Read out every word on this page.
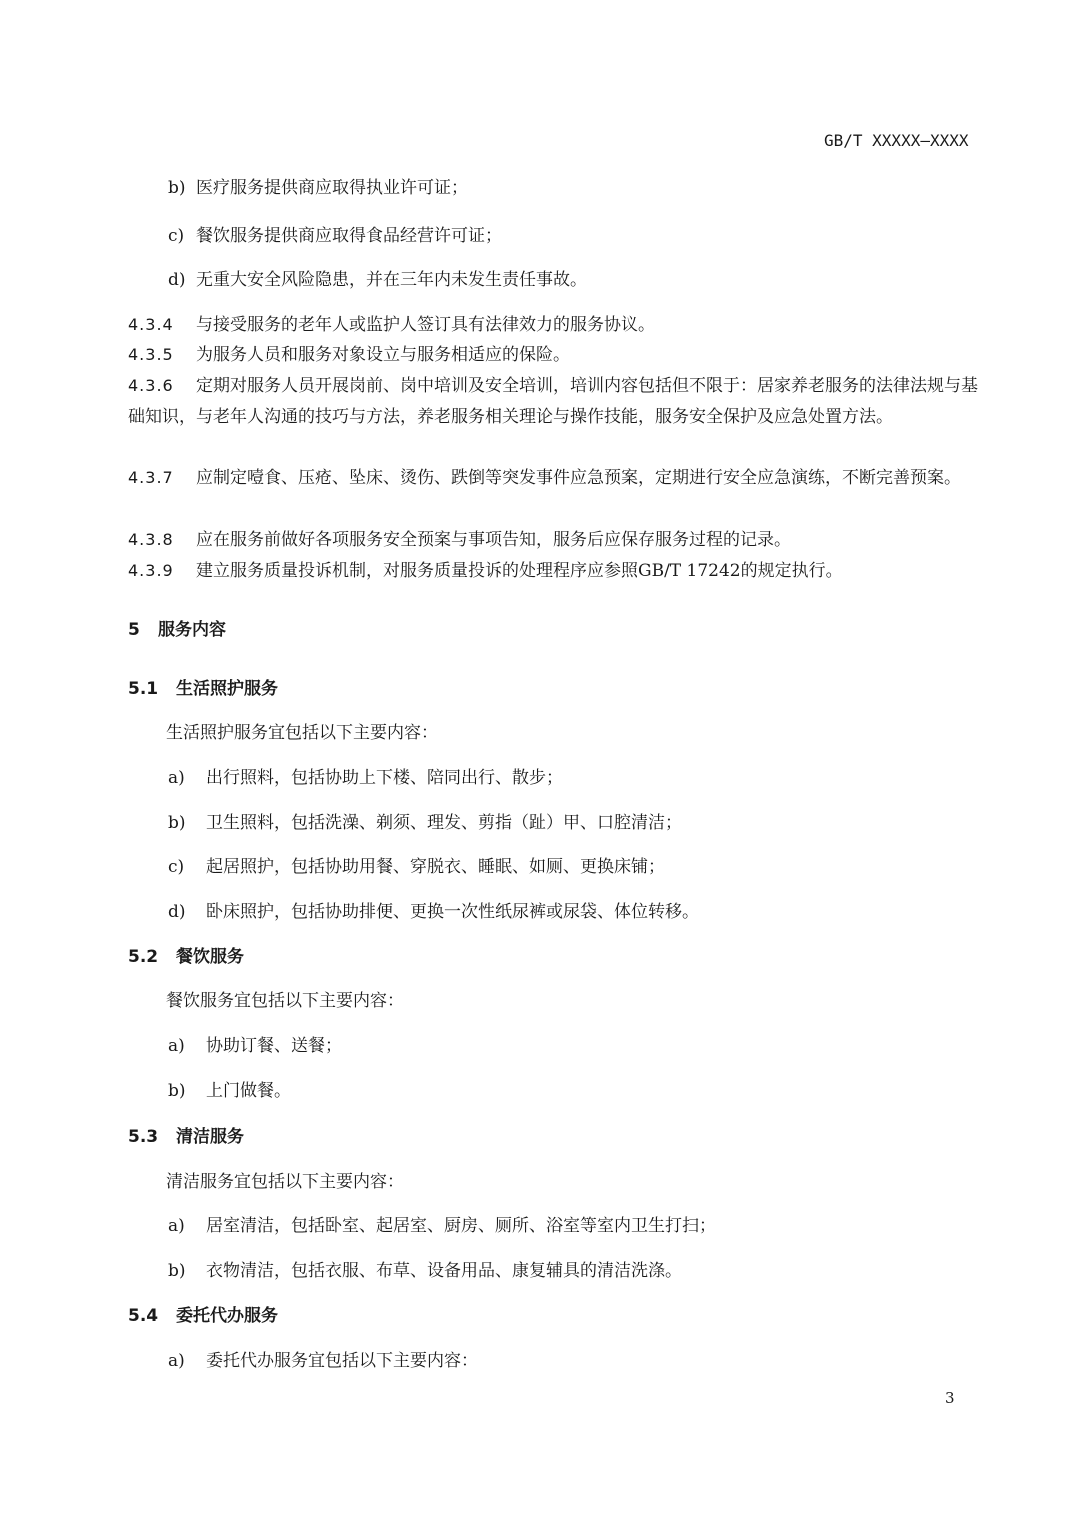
GB/T XXXXX—XXXX
b) 医疗服务提供商应取得执业许可证；
c) 餐饮服务提供商应取得食品经营许可证；
d) 无重大安全风险隐患，并在三年内未发生责任事故。
4.3.4 与接受服务的老年人或监护人签订具有法律效力的服务协议。
4.3.5 为服务人员和服务对象设立与服务相适应的保险。
4.3.6	定期对服务人员开展岗前、岗中培训及安全培训，培训内容包括但不限于：居家养老服务的法律法规与基础知识，与老年人沟通的技巧与方法，养老服务相关理论与操作技能，服务安全保护及应急处置方法。
4.3.7	应制定噎食、压疮、坠床、烫伤、跌倒等突发事件应急预案，定期进行安全应急演练，不断完善预案。
4.3.8 应在服务前做好各项服务安全预案与事项告知，服务后应保存服务过程的记录。
4.3.9 建立服务质量投诉机制，对服务质量投诉的处理程序应参照GB/T 17242的规定执行。
5 服务内容
5.1 生活照护服务
生活照护服务宜包括以下主要内容：
a) 出行照料，包括协助上下楼、陪同出行、散步；
b) 卫生照料，包括洗澡、剃须、理发、剪指（趾）甲、口腔清洁；
c) 起居照护，包括协助用餐、穿脱衣、睡眠、如厕、更换床铺；
d) 卧床照护，包括协助排便、更换一次性纸尿裤或尿袋、体位转移。
5.2 餐饮服务
餐饮服务宜包括以下主要内容：
a) 协助订餐、送餐；
b) 上门做餐。
5.3 清洁服务
清洁服务宜包括以下主要内容：
a) 居室清洁，包括卧室、起居室、厨房、厕所、浴室等室内卫生打扫；
b) 衣物清洁，包括衣服、布草、设备用品、康复辅具的清洁洗涤。
5.4 委托代办服务
a) 委托代办服务宜包括以下主要内容：
3
